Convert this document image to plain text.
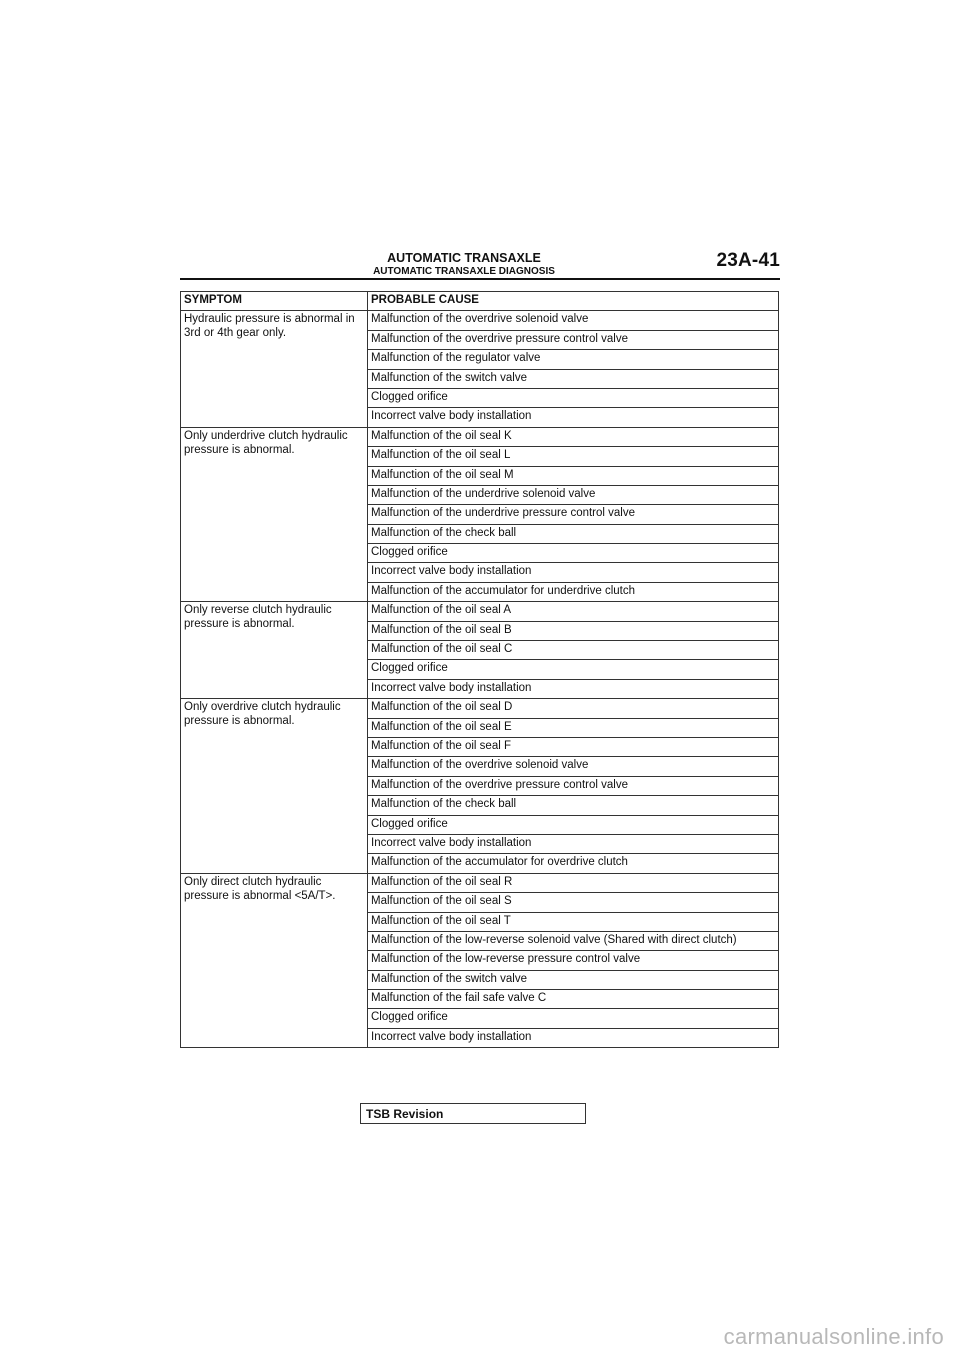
AUTOMATIC TRANSAXLE
AUTOMATIC TRANSAXLE DIAGNOSIS
23A-41
SYMPTOM	PROBABLE CAUSE
Hydraulic pressure is abnormal in 3rd or 4th gear only.	Malfunction of the overdrive solenoid valve
	Malfunction of the overdrive pressure control valve
	Malfunction of the regulator valve
	Malfunction of the switch valve
	Clogged orifice
	Incorrect valve body installation
Only underdrive clutch hydraulic pressure is abnormal.	Malfunction of the oil seal K
	Malfunction of the oil seal L
	Malfunction of the oil seal M
	Malfunction of the underdrive solenoid valve
	Malfunction of the underdrive pressure control valve
	Malfunction of the check ball
	Clogged orifice
	Incorrect valve body installation
	Malfunction of the accumulator for underdrive clutch
Only reverse clutch hydraulic pressure is abnormal.	Malfunction of the oil seal A
	Malfunction of the oil seal B
	Malfunction of the oil seal C
	Clogged orifice
	Incorrect valve body installation
Only overdrive clutch hydraulic pressure is abnormal.	Malfunction of the oil seal D
	Malfunction of the oil seal E
	Malfunction of the oil seal F
	Malfunction of the overdrive solenoid valve
	Malfunction of the overdrive pressure control valve
	Malfunction of the check ball
	Clogged orifice
	Incorrect valve body installation
	Malfunction of the accumulator for overdrive clutch
Only direct clutch hydraulic pressure is abnormal <5A/T>.	Malfunction of the oil seal R
	Malfunction of the oil seal S
	Malfunction of the oil seal T
	Malfunction of the low-reverse solenoid valve (Shared with direct clutch)
	Malfunction of the low-reverse pressure control valve
	Malfunction of the switch valve
	Malfunction of the fail safe valve C
	Clogged orifice
	Incorrect valve body installation
TSB Revision
carmanualsonline.info
